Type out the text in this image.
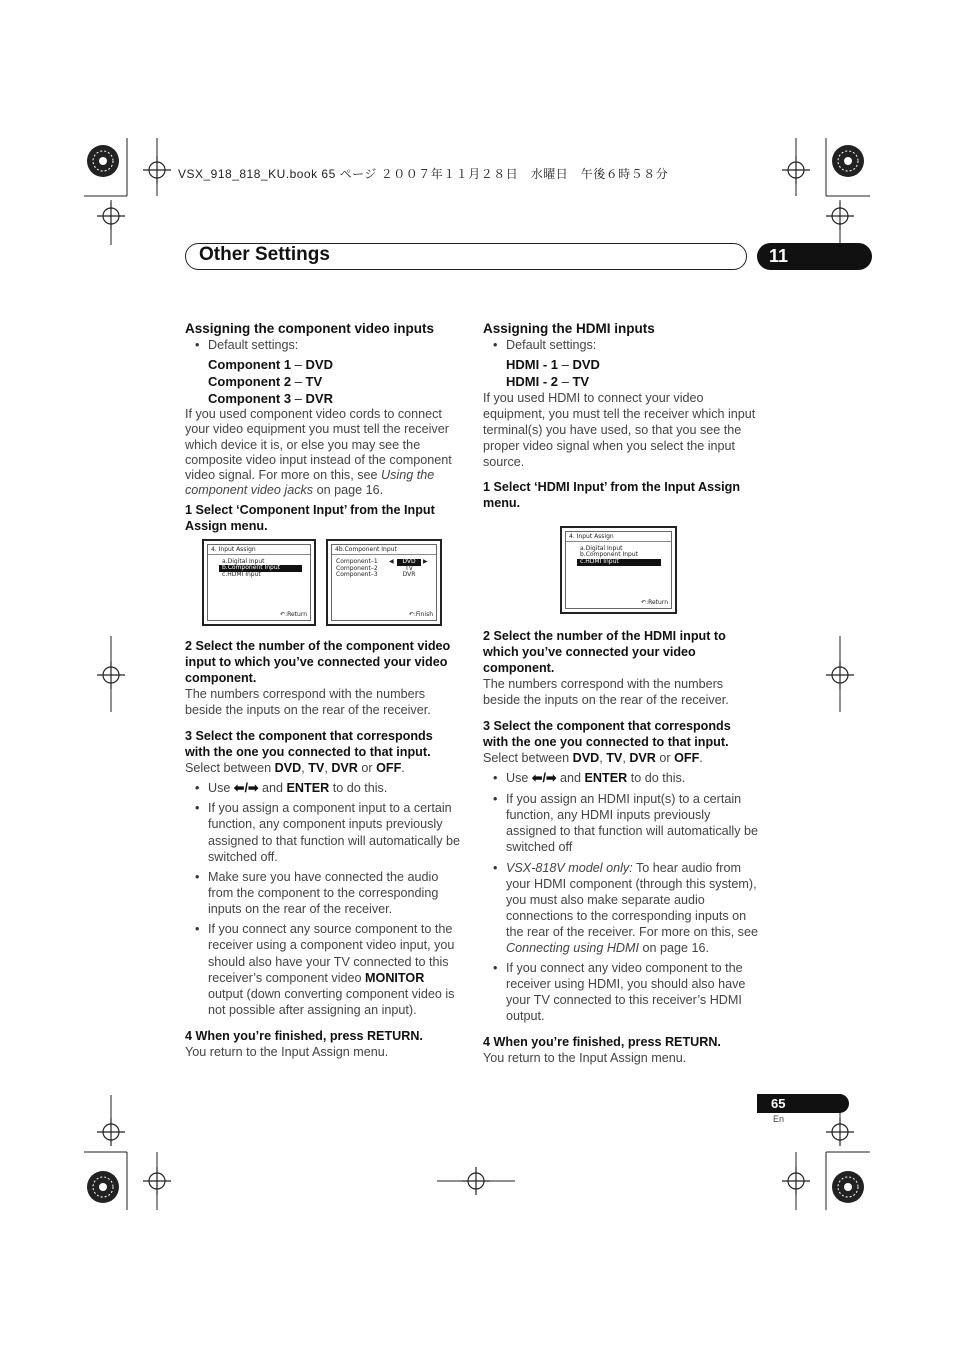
VSX_918_818_KU.book 65 ページ ２００７年１１月２８日　水曜日　午後６時５８分
Other Settings	11

Assigning the component video inputs

• Default settings:

Component 1 – DVD

Component 2 – TV

Component 3 – DVR

If you used component video cords to connect your video equipment you must tell the receiver which device it is, or else you may see the composite video input instead of the component video signal. For more on this, see Using the component video jacks on page 16.

1 Select ‘Component Input’ from the Input Assign menu.

4. Input Assign
a.Digital Input
b.Component Input
c.HDMI Input
↶:Return
4b.Component Input
Component–1 ◀	DVD	▶
Component–2	TV
Component–3	DVR
↶:Finish

2 Select the number of the component video input to which you’ve connected your video component.

The numbers correspond with the numbers beside the inputs on the rear of the receiver.

3 Select the component that corresponds with the one you connected to that input.

Select between DVD, TV, DVR or OFF.

• Use ⬅/➡ and ENTER to do this.

• If you assign a component input to a certain function, any component inputs previously assigned to that function will automatically be switched off.

• Make sure you have connected the audio from the component to the corresponding inputs on the rear of the receiver.

• If you connect any source component to the receiver using a component video input, you should also have your TV connected to this receiver’s component video MONITOR output (down converting component video is not possible after assigning an input).

4 When you’re finished, press RETURN.

You return to the Input Assign menu.

Assigning the HDMI inputs

• Default settings:

HDMI - 1 – DVD

HDMI - 2 – TV

If you used HDMI to connect your video equipment, you must tell the receiver which input terminal(s) you have used, so that you see the proper video signal when you select the input source.

1 Select ‘HDMI Input’ from the Input Assign menu.

4. Input Assign
a.Digital Input
b.Component Input
c.HDMI Input
↶:Return

2 Select the number of the HDMI input to which you’ve connected your video component.

The numbers correspond with the numbers beside the inputs on the rear of the receiver.

3 Select the component that corresponds with the one you connected to that input.

Select between DVD, TV, DVR or OFF.

• Use ⬅/➡ and ENTER to do this.

• If you assign an HDMI input(s) to a certain function, any HDMI inputs previously assigned to that function will automatically be switched off

• VSX-818V model only: To hear audio from your HDMI component (through this system), you must also make separate audio connections to the corresponding inputs on the rear of the receiver. For more on this, see Connecting using HDMI on page 16.

• If you connect any video component to the receiver using HDMI, you should also have your TV connected to this receiver’s HDMI output.

4 When you’re finished, press RETURN.

You return to the Input Assign menu.

65
En
